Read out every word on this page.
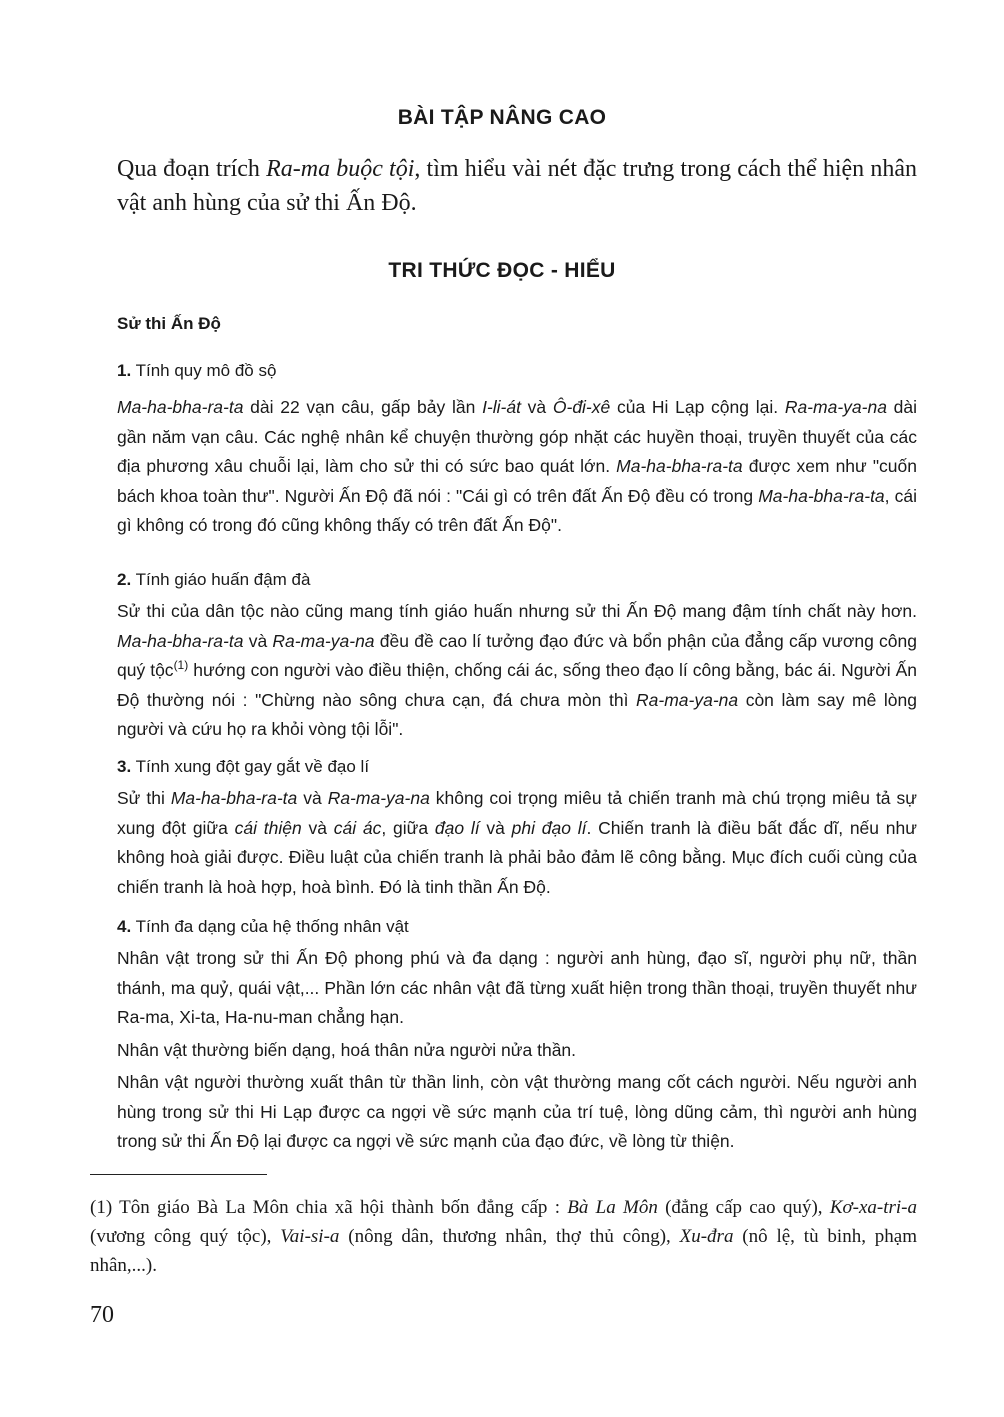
BÀI TẬP NÂNG CAO

Qua đoạn trích Ra-ma buộc tội, tìm hiểu vài nét đặc trưng trong cách thể hiện nhân vật anh hùng của sử thi Ấn Độ.

TRI THỨC ĐỌC - HIỂU
Sử thi Ấn Độ
1. Tính quy mô đồ sộ

Ma-ha-bha-ra-ta dài 22 vạn câu, gấp bảy lần I-li-át và Ô-đi-xê của Hi Lạp cộng lại. Ra-ma-ya-na dài gần năm vạn câu. Các nghệ nhân kể chuyện thường góp nhặt các huyền thoại, truyền thuyết của các địa phương xâu chuỗi lại, làm cho sử thi có sức bao quát lớn. Ma-ha-bha-ra-ta được xem như "cuốn bách khoa toàn thư". Người Ấn Độ đã nói : "Cái gì có trên đất Ấn Độ đều có trong Ma-ha-bha-ra-ta, cái gì không có trong đó cũng không thấy có trên đất Ấn Độ".

2. Tính giáo huấn đậm đà

Sử thi của dân tộc nào cũng mang tính giáo huấn nhưng sử thi Ấn Độ mang đậm tính chất này hơn. Ma-ha-bha-ra-ta và Ra-ma-ya-na đều đề cao lí tưởng đạo đức và bổn phận của đẳng cấp vương công quý tộc$^{(1)}$ hướng con người vào điều thiện, chống cái ác, sống theo đạo lí công bằng, bác ái. Người Ấn Độ thường nói : "Chừng nào sông chưa cạn, đá chưa mòn thì Ra-ma-ya-na còn làm say mê lòng người và cứu họ ra khỏi vòng tội lỗi".

3. Tính xung đột gay gắt về đạo lí

Sử thi Ma-ha-bha-ra-ta và Ra-ma-ya-na không coi trọng miêu tả chiến tranh mà chú trọng miêu tả sự xung đột giữa cái thiện và cái ác, giữa đạo lí và phi đạo lí. Chiến tranh là điều bất đắc dĩ, nếu như không hoà giải được. Điều luật của chiến tranh là phải bảo đảm lẽ công bằng. Mục đích cuối cùng của chiến tranh là hoà hợp, hoà bình. Đó là tinh thần Ấn Độ.

4. Tính đa dạng của hệ thống nhân vật

Nhân vật trong sử thi Ấn Độ phong phú và đa dạng : người anh hùng, đạo sĩ, người phụ nữ, thần thánh, ma quỷ, quái vật,... Phần lớn các nhân vật đã từng xuất hiện trong thần thoại, truyền thuyết như Ra-ma, Xi-ta, Ha-nu-man chẳng hạn.

Nhân vật thường biến dạng, hoá thân nửa người nửa thần.

Nhân vật người thường xuất thân từ thần linh, còn vật thường mang cốt cách người. Nếu người anh hùng trong sử thi Hi Lạp được ca ngợi về sức mạnh của trí tuệ, lòng dũng cảm, thì người anh hùng trong sử thi Ấn Độ lại được ca ngợi về sức mạnh của đạo đức, về lòng từ thiện.

(1) Tôn giáo Bà La Môn chia xã hội thành bốn đẳng cấp : Bà La Môn (đẳng cấp cao quý), Kơ-xa-tri-a (vương công quý tộc), Vai-si-a (nông dân, thương nhân, thợ thủ công), Xu-đra (nô lệ, tù binh, phạm nhân,...).

70
